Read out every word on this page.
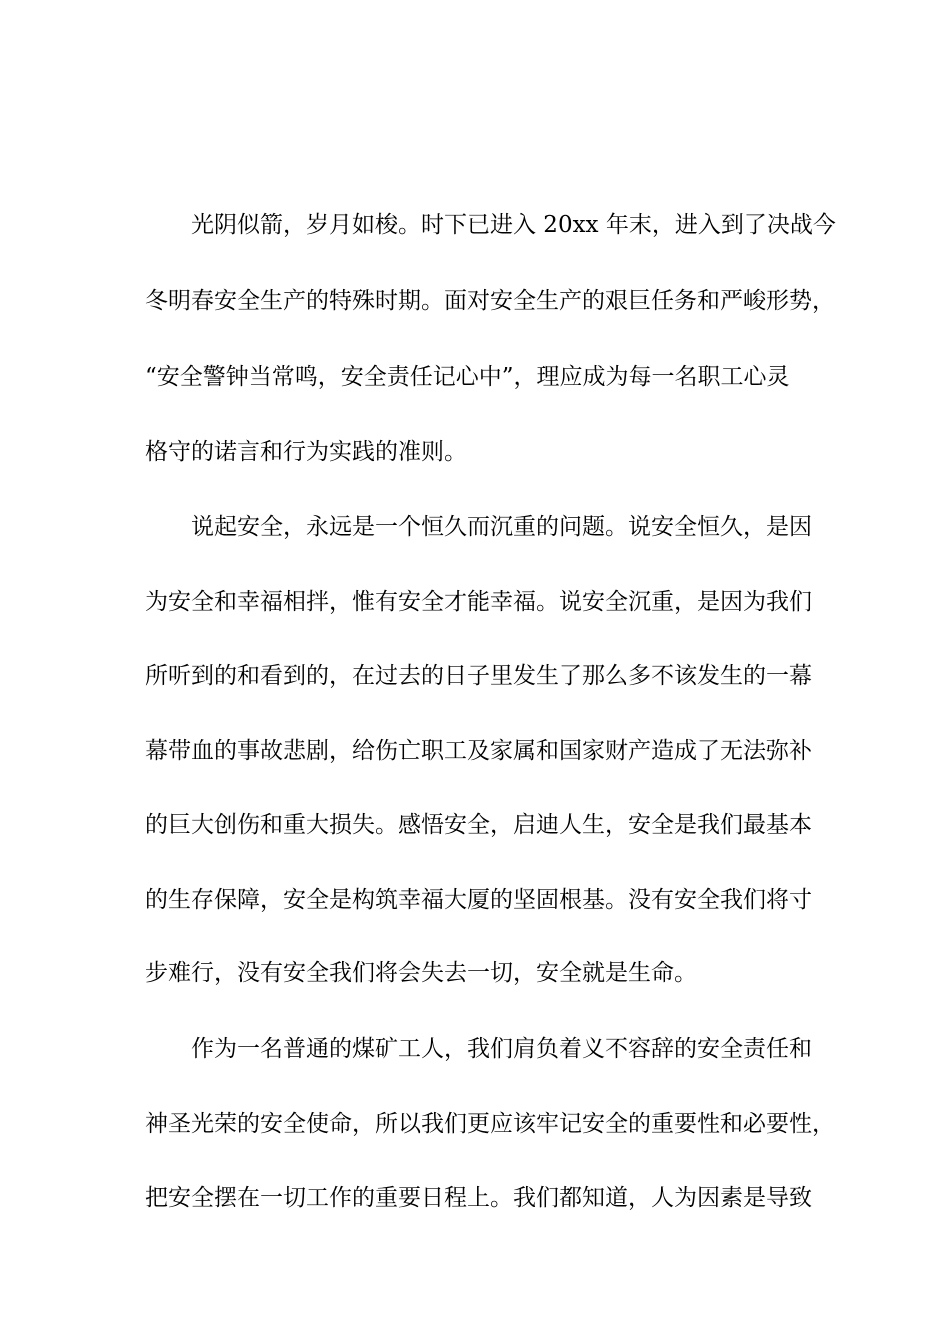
光阴似箭，岁月如梭。时下已进入 20xx 年末，进入到了决战今
冬明春安全生产的特殊时期。面对安全生产的艰巨任务和严峻形势，
“安全警钟当常鸣，安全责任记心中”，理应成为每一名职工心灵
格守的诺言和行为实践的准则。
说起安全，永远是一个恒久而沉重的问题。说安全恒久，是因
为安全和幸福相拌，惟有安全才能幸福。说安全沉重，是因为我们
所听到的和看到的，在过去的日子里发生了那么多不该发生的一幕
幕带血的事故悲剧，给伤亡职工及家属和国家财产造成了无法弥补
的巨大创伤和重大损失。感悟安全，启迪人生，安全是我们最基本
的生存保障，安全是构筑幸福大厦的坚固根基。没有安全我们将寸
步难行，没有安全我们将会失去一切，安全就是生命。
作为一名普通的煤矿工人，我们肩负着义不容辞的安全责任和
神圣光荣的安全使命，所以我们更应该牢记安全的重要性和必要性，
把安全摆在一切工作的重要日程上。我们都知道，人为因素是导致
